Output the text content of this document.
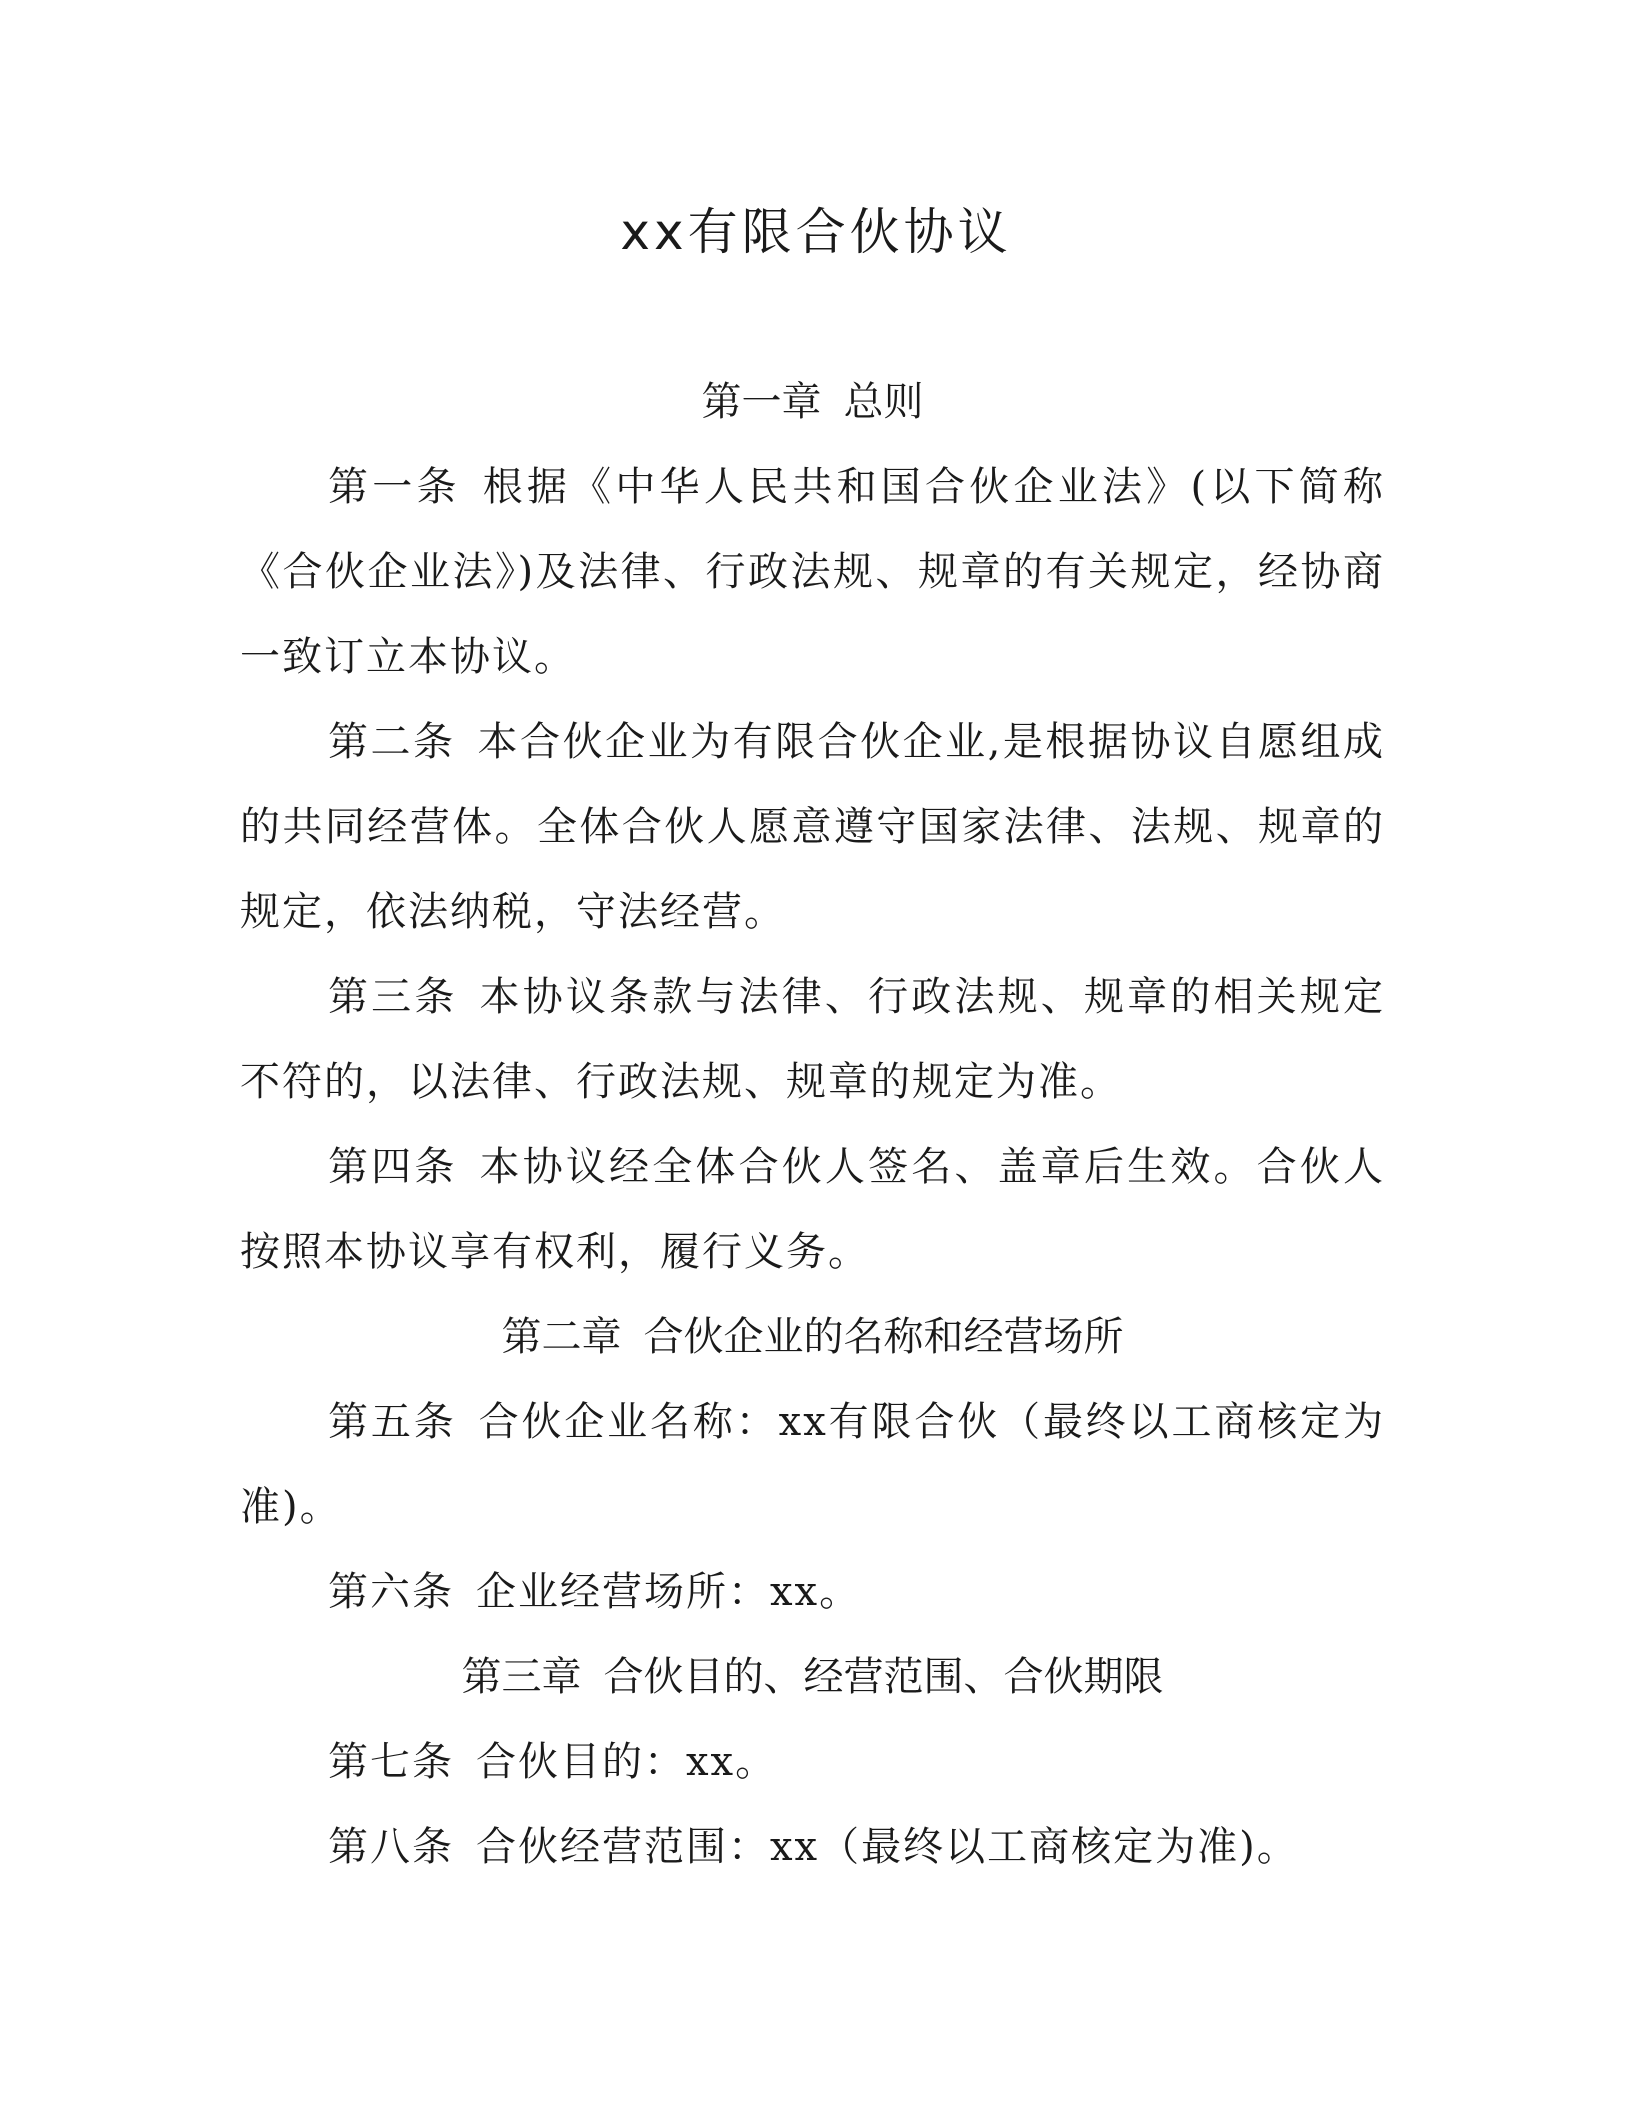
xx有限合伙协议
第一章 总则

第一条 根据《中华人民共和国合伙企业法》(以下简称《合伙企业法》)及法律、行政法规、规章的有关规定，经协商一致订立本协议。

第二条 本合伙企业为有限合伙企业,是根据协议自愿组成的共同经营体。全体合伙人愿意遵守国家法律、法规、规章的规定，依法纳税，守法经营。

第三条 本协议条款与法律、行政法规、规章的相关规定不符的，以法律、行政法规、规章的规定为准。

第四条 本协议经全体合伙人签名、盖章后生效。合伙人按照本协议享有权利，履行义务。

第二章 合伙企业的名称和经营场所

第五条 合伙企业名称：xx有限合伙（最终以工商核定为准)。

第六条 企业经营场所：xx。

第三章 合伙目的、经营范围、合伙期限

第七条 合伙目的：xx。

第八条 合伙经营范围：xx（最终以工商核定为准)。
